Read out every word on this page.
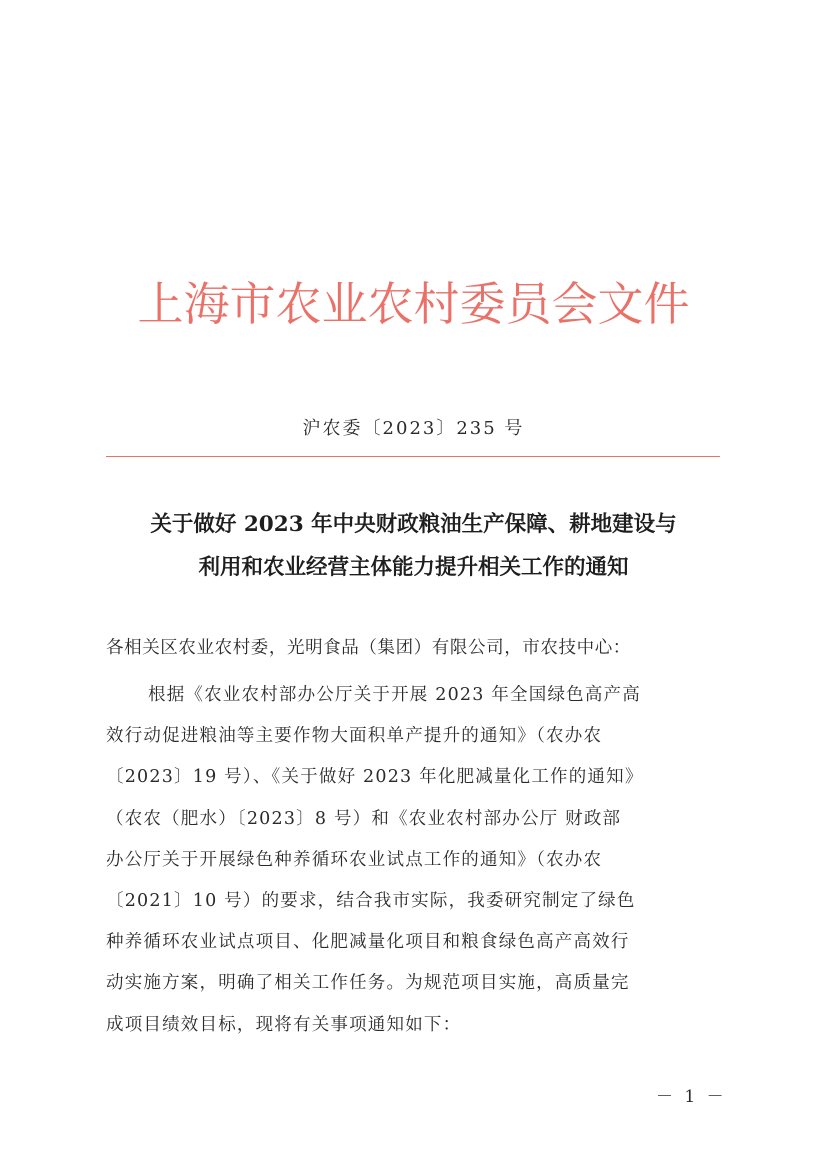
上海市农业农村委员会文件
沪农委〔2023〕235 号
关于做好 2023 年中央财政粮油生产保障、耕地建设与
利用和农业经营主体能力提升相关工作的通知
各相关区农业农村委，光明食品（集团）有限公司，市农技中心：
根据《农业农村部办公厅关于开展 2023 年全国绿色高产高
效行动促进粮油等主要作物大面积单产提升的通知》（农办农
〔2023〕19 号）、《关于做好 2023 年化肥减量化工作的通知》
（农农（肥水）〔2023〕8 号）和《农业农村部办公厅 财政部
办公厅关于开展绿色种养循环农业试点工作的通知》（农办农
〔2021〕10 号）的要求，结合我市实际，我委研究制定了绿色
种养循环农业试点项目、化肥减量化项目和粮食绿色高产高效行
动实施方案，明确了相关工作任务。为规范项目实施，高质量完
成项目绩效目标，现将有关事项通知如下：
－ 1 －
